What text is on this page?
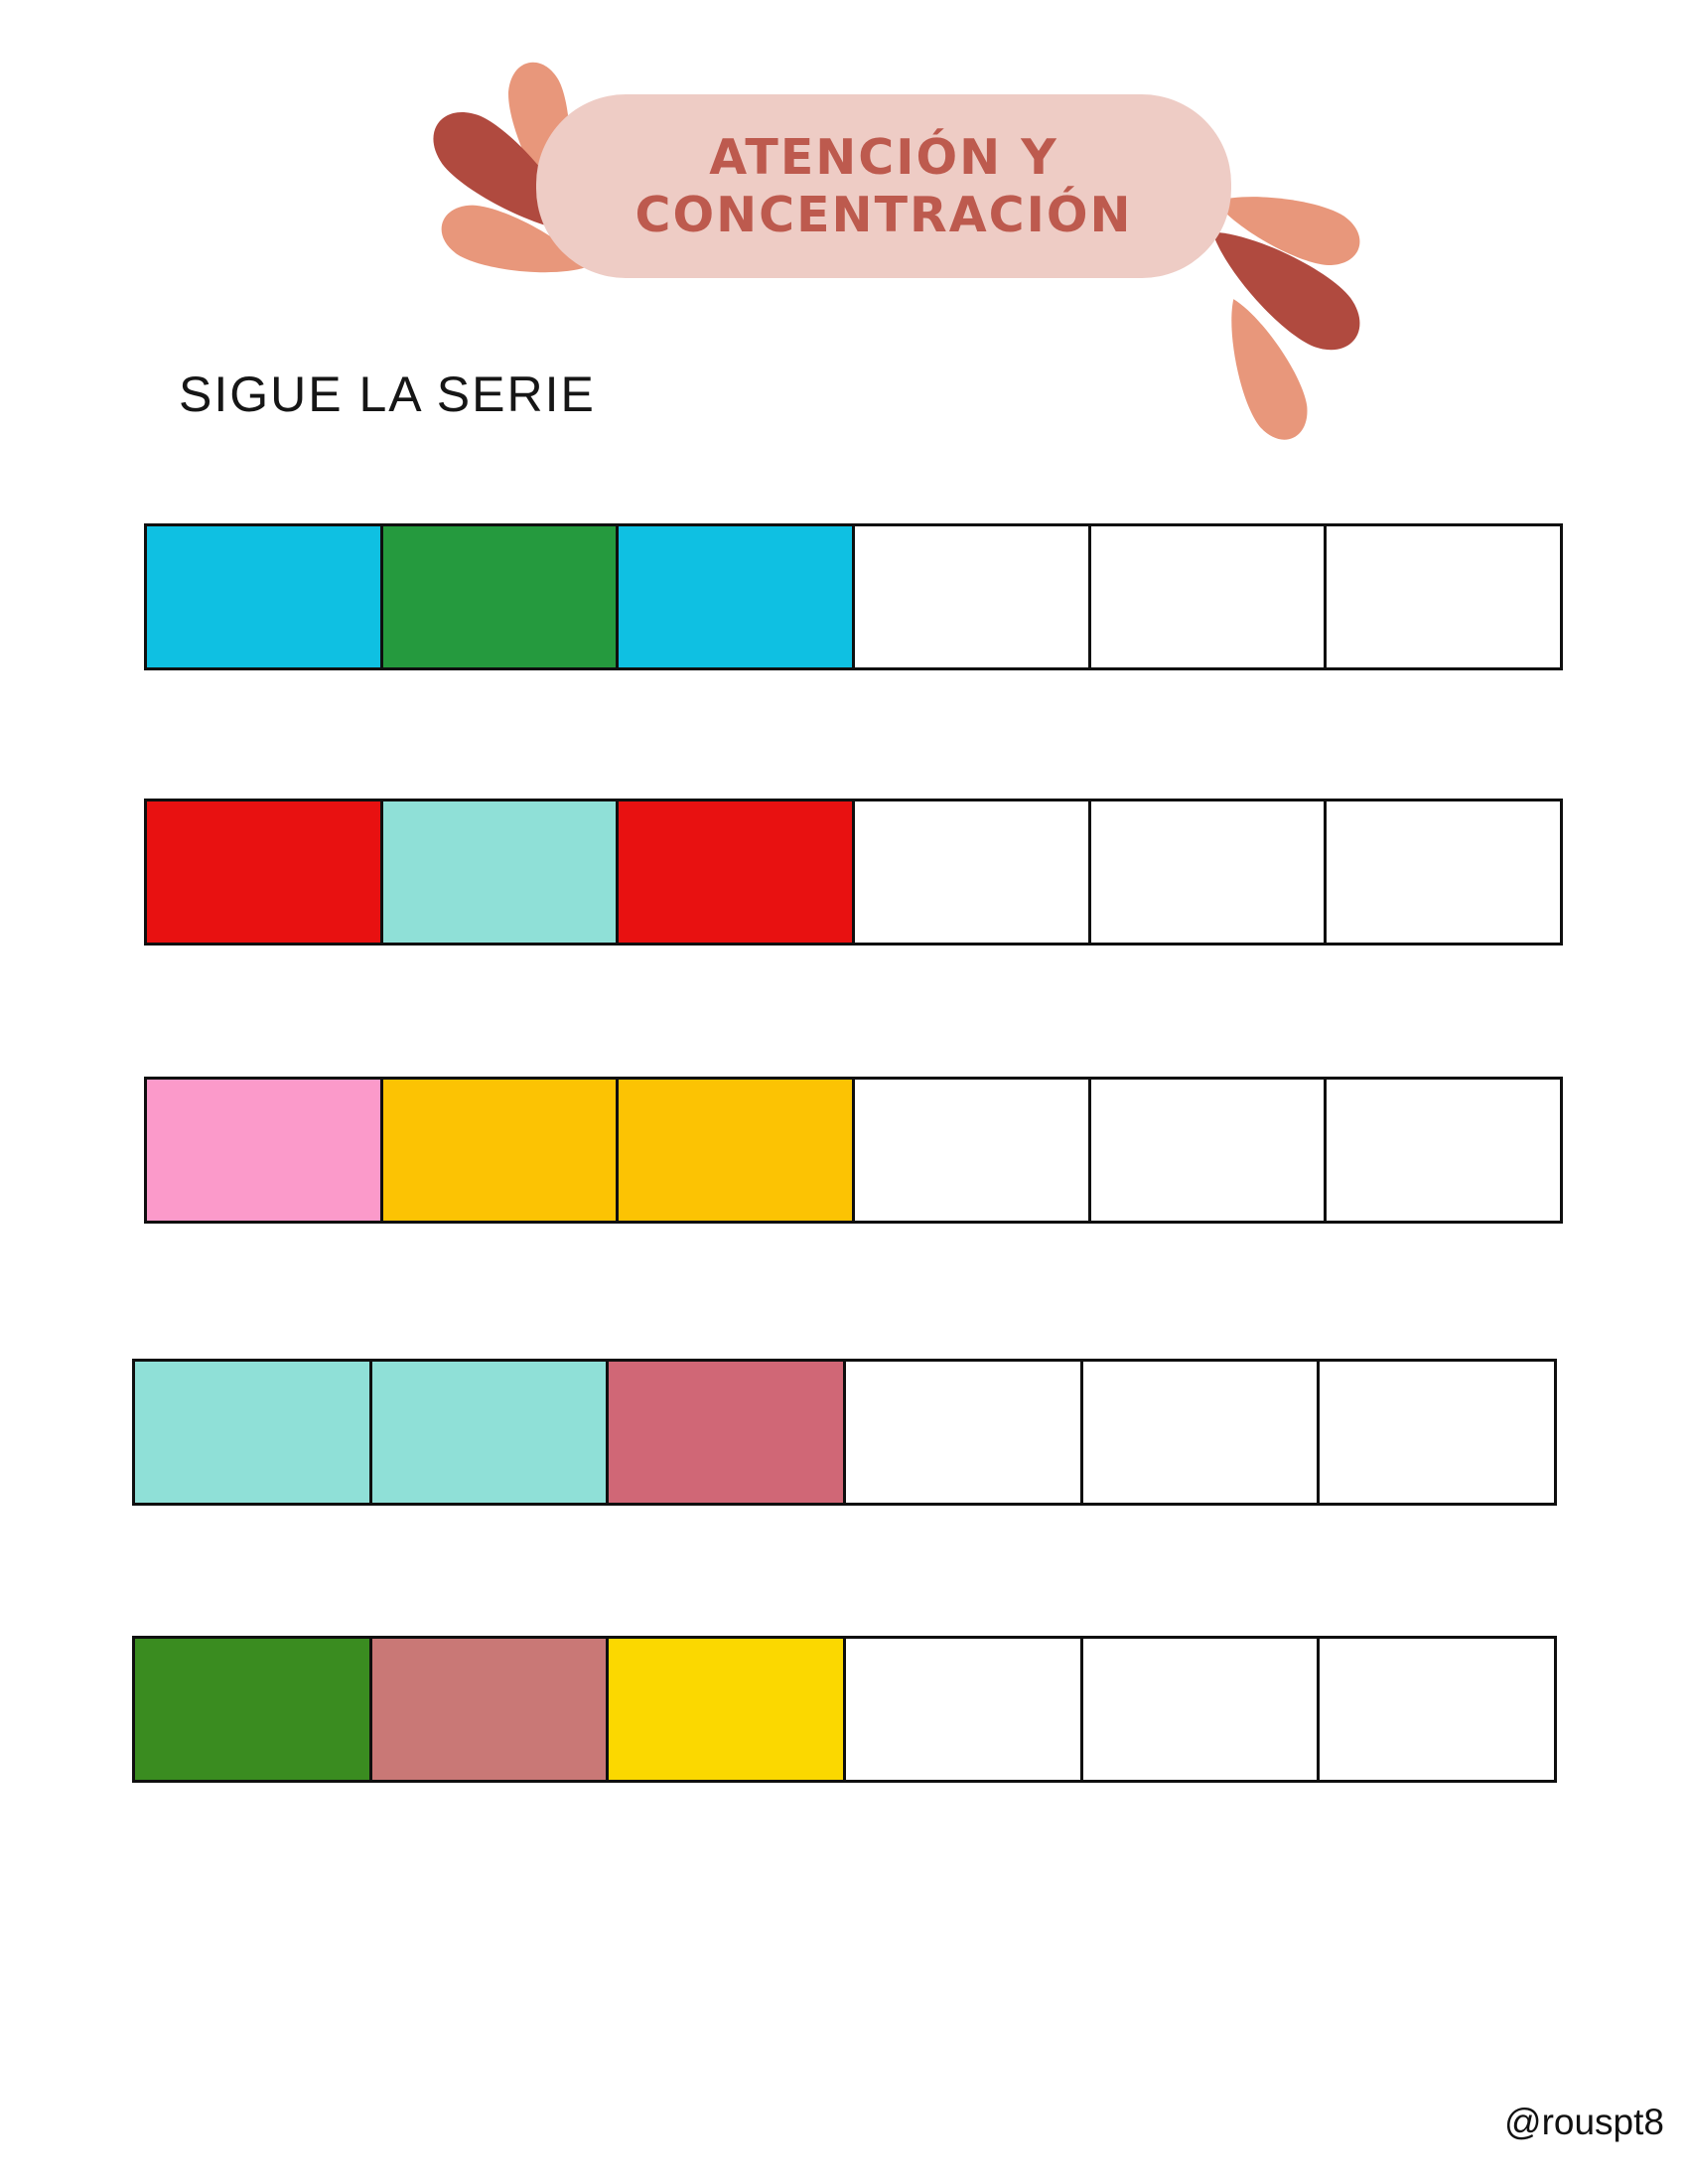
ATENCIÓN Y
CONCENTRACIÓN
SIGUE LA SERIE
@rouspt8
